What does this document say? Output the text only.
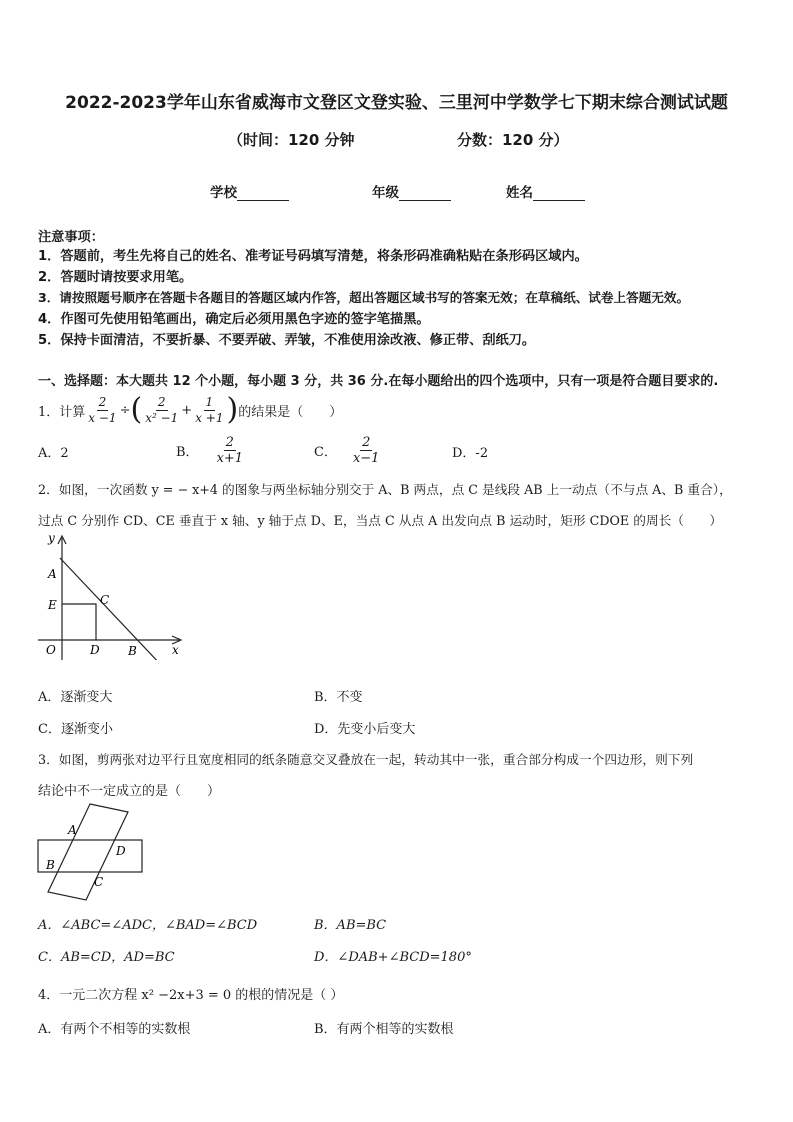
2022-2023学年山东省威海市文登区文登实验、三里河中学数学七下期末综合测试试题
（时间：120 分钟	分数：120 分）
学校	年级	姓名
注意事项：
1．答题前，考生先将自己的姓名、准考证号码填写清楚，将条形码准确粘贴在条形码区域内。
2．答题时请按要求用笔。
3．请按照题号顺序在答题卡各题目的答题区域内作答，超出答题区域书写的答案无效；在草稿纸、试卷上答题无效。
4．作图可先使用铅笔画出，确定后必须用黑色字迹的签字笔描黑。
5．保持卡面清洁，不要折暴、不要弄破、弄皱，不准使用涂改液、修正带、刮纸刀。
一、选择题：本大题共 12 个小题，每小题 3 分，共 36 分.在每小题给出的四个选项中，只有一项是符合题目要求的.
1．计算 $\frac{2}{x -1}$ ÷ ( $\frac{2}{\text{x² −1}} + \frac{1}{x +1}$ ) 的结果是（　　）
A．2	B． $\frac{2}{x+1}$	C． $\frac{2}{x-1}$	D．-2
2．如图，一次函数 y = − x+4 的图象与两坐标轴分别交于 A、B 两点，点 C 是线段 AB 上一动点（不与点 A、B 重合），
过点 C 分别作 CD、CE 垂直于 x 轴、y 轴于点 D、E，当点 C 从点 A 出发向点 B 运动时，矩形 CDOE 的周长（　　）
y
x
A
E	C
O	D B
A．逐渐变大	B．不变
C．逐渐变小	D．先变小后变大
3．如图，剪两张对边平行且宽度相同的纸条随意交叉叠放在一起，转动其中一张，重合部分构成一个四边形，则下列
结论中不一定成立的是（　　）
A
B
D
C
A．∠ABC=∠ADC，∠BAD=∠BCD	B．AB=BC
C．AB=CD，AD=BC	D．∠DAB+∠BCD=180°
4．一元二次方程 x² −2x+3 = 0 的根的情况是（ ）
A．有两个不相等的实数根	B．有两个相等的实数根
